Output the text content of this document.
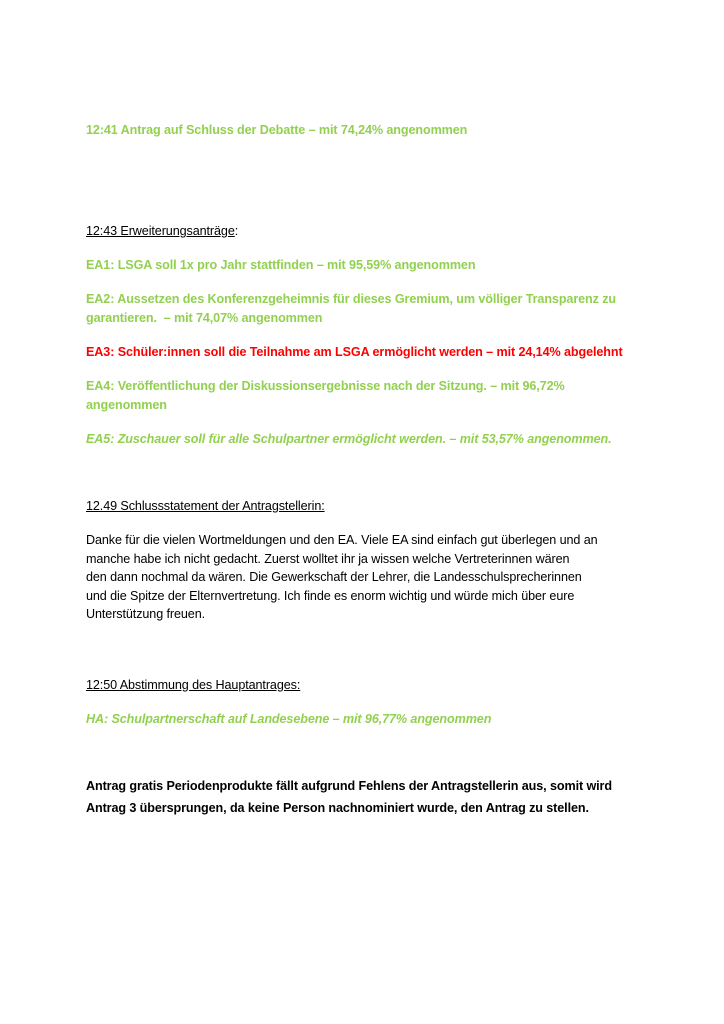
12:41 Antrag auf Schluss der Debatte – mit 74,24% angenommen
12:43 Erweiterungsanträge:
EA1: LSGA soll 1x pro Jahr stattfinden – mit 95,59% angenommen
EA2: Aussetzen des Konferenzgeheimnis für dieses Gremium, um völliger Transparenz zu
garantieren.  – mit 74,07% angenommen
EA3: Schüler:innen soll die Teilnahme am LSGA ermöglicht werden – mit 24,14% abgelehnt
EA4: Veröffentlichung der Diskussionsergebnisse nach der Sitzung. – mit 96,72%
angenommen
EA5: Zuschauer soll für alle Schulpartner ermöglicht werden. – mit 53,57% angenommen.
12.49 Schlussstatement der Antragstellerin:
Danke für die vielen Wortmeldungen und den EA. Viele EA sind einfach gut überlegen und an
manche habe ich nicht gedacht. Zuerst wolltet ihr ja wissen welche Vertreterinnen wären
den dann nochmal da wären. Die Gewerkschaft der Lehrer, die Landesschulsprecherinnen
und die Spitze der Elternvertretung. Ich finde es enorm wichtig und würde mich über eure
Unterstützung freuen.
12:50 Abstimmung des Hauptantrages:
HA: Schulpartnerschaft auf Landesebene – mit 96,77% angenommen
Antrag gratis Periodenprodukte fällt aufgrund Fehlens der Antragstellerin aus, somit wird
Antrag 3 übersprungen, da keine Person nachnominiert wurde, den Antrag zu stellen.
